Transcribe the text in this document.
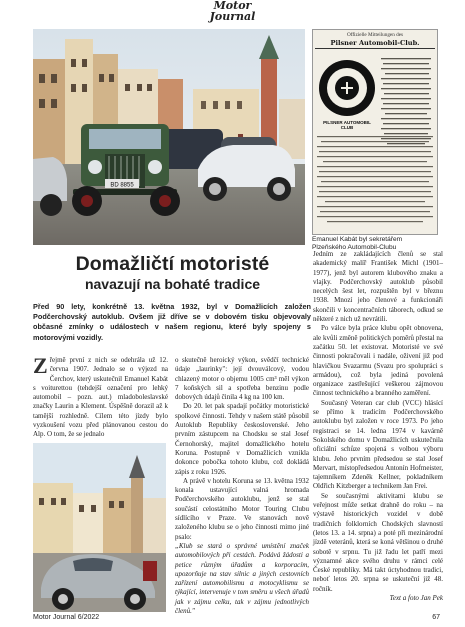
Motor
Journal
BD 8855
Offizielle Mitteilungen des
Pilsner Automobil-Club.
PILSNER AUTOMOBIL CLUB
Emanuel Kabát byl sekretářem Plzeňského Automobil-Clubu
Domažličtí motoristé
navazují na bohaté tradice
Před 90 lety, konkrétně 13. května 1932, byl v Domažlicích založen Podčerchovský autoklub. Ovšem již dříve se v dobovém tisku objevovaly občasné zmínky o událostech v našem regionu, které byly spojeny s motorovými vozidly.

Zřejmě první z nich se odehrála už 12. června 1907. Jednalo se o výjezd na Čerchov, který uskutečnil Emanuel Kabát s voiturettou (tehdejší označení pro lehký automobil – pozn. aut.) mladoboleslavské značky Laurin a Klement. Úspěšně dorazil až k tamější rozhledně. Cílem této jízdy bylo vyzkoušení vozu před plánovanou cestou do Alp. O tom, že se jednalo

o skutečně heroický výkon, svědčí technické údaje „laurinky": její dvouválcový, vodou chlazený motor o objemu 1005 cm³ měl výkon 7 koňských sil a spotřeba benzinu podle dobových údajů činila 4 kg na 100 km.

Do 20. let pak spadají počátky motoristické spolkové činnosti. Tehdy v našem státě působil Autoklub Republiky československé. Jeho prvním zástupcem na Chodsku se stal Josef Černohorský, majitel domažlického hotelu Koruna. Postupně v Domažlicích vznikla dokonce pobočka tohoto klubu, což dokládá zápis z roku 1926.

A právě v hotelu Koruna se 13. května 1932 konala ustavující valná hromada Podčerchovského autoklubu, jenž se stal součástí celostátního Motor Touring Clubu sídlícího v Praze. Ve stanovách nově založeného klubu se o jeho činnosti mimo jiné psalo:

„Klub se stará o správné umístění značek automobilových při cestách. Podává žádosti a petice různým úřadům a korporacím, upozorňuje na stav silnic a jiných cestovních zařízení automobilismu a motocyklismu se týkající, intervenuje v tom směru u všech úřadů jak v zájmu celku, tak v zájmu jednotlivých členů."

Jedním ze zakládajících členů se stal akademický malíř František Michl (1901–1977), jenž byl autorem klubového znaku a vlajky. Podčerchovský autoklub působil necelých šest let, rozpuštěn byl v březnu 1938. Mnozí jeho členové a funkcionáři skončili v koncentračních táborech, odkud se některé z nich už nevrátili.

Po válce byla práce klubu opět obnovena, ale kvůli změně politických poměrů přestal na začátku 50. let existovat. Motoristé ve své činnosti pokračovali i nadále, oživení již pod hlavičkou Svazarmu (Svazu pro spolupráci s armádou), což byla jediná povolená organizace zastřešující veškerou zájmovou činnost technického a branného zaměření.

Současný Veteran car club (VCC) hlásící se přímo k tradicím Podčerchovského autoklubu byl založen v roce 1973. Po jeho registraci se 14. ledna 1974 v kavárně Sokolského domu v Domažlicích uskutečnila oficiální schůze spojená s volbou výboru klubu. Jeho prvním předsedou se stal Josef Mervart, místopředsedou Antonín Hofmeister, tajemníkem Zdeněk Kellner, pokladníkem Oldřich Kitzberger a technikem Jan Frei.

Se současnými aktivitami klubu se veřejnost může setkat drahně do roku – na výstavě historických vozidel v době tradičních folklorních Chodských slavností (letos 13. a 14. srpna) a poté při mezinárodní jízdě veteránů, která se koná většinou o druhé sobotě v srpnu. Tu již řadu let patří mezi významné akce svého druhu v rámci celé České republiky. Má takt úctyhodnou tradici, neboť letos 20. srpna se uskuteční již 48. ročník.

Text a foto Jan Pek
Motor Journal 6/2022	67
